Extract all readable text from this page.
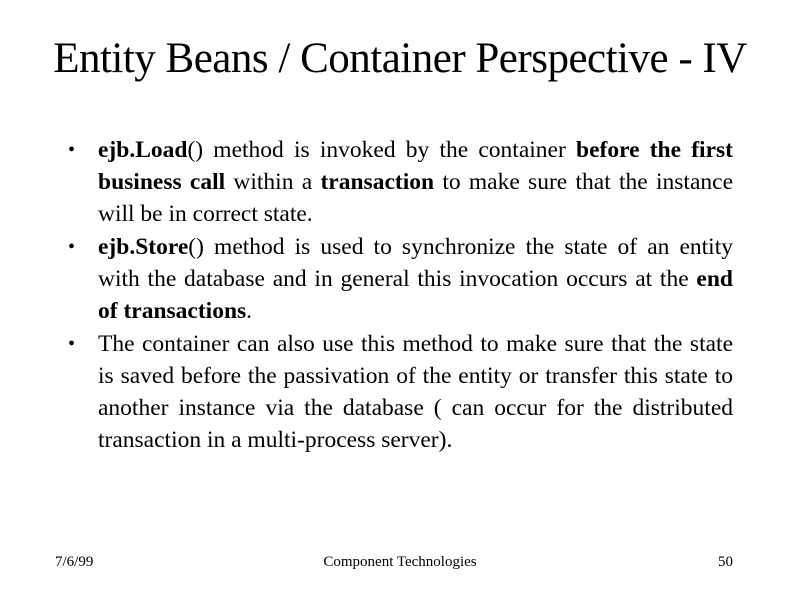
Entity Beans / Container Perspective - IV
• ejb.Load() method is invoked by the container before the first business call within a transaction to make sure that the instance will be in correct state.
• ejb.Store() method is used to synchronize the state of an entity with the database and in general this invocation occurs at the end of transactions.
• The container can also use this method to make sure that the state is saved before the passivation of the entity or transfer this state to another instance via the database ( can occur for the distributed transaction in a multi-process server).
7/6/99	Component Technologies	50
